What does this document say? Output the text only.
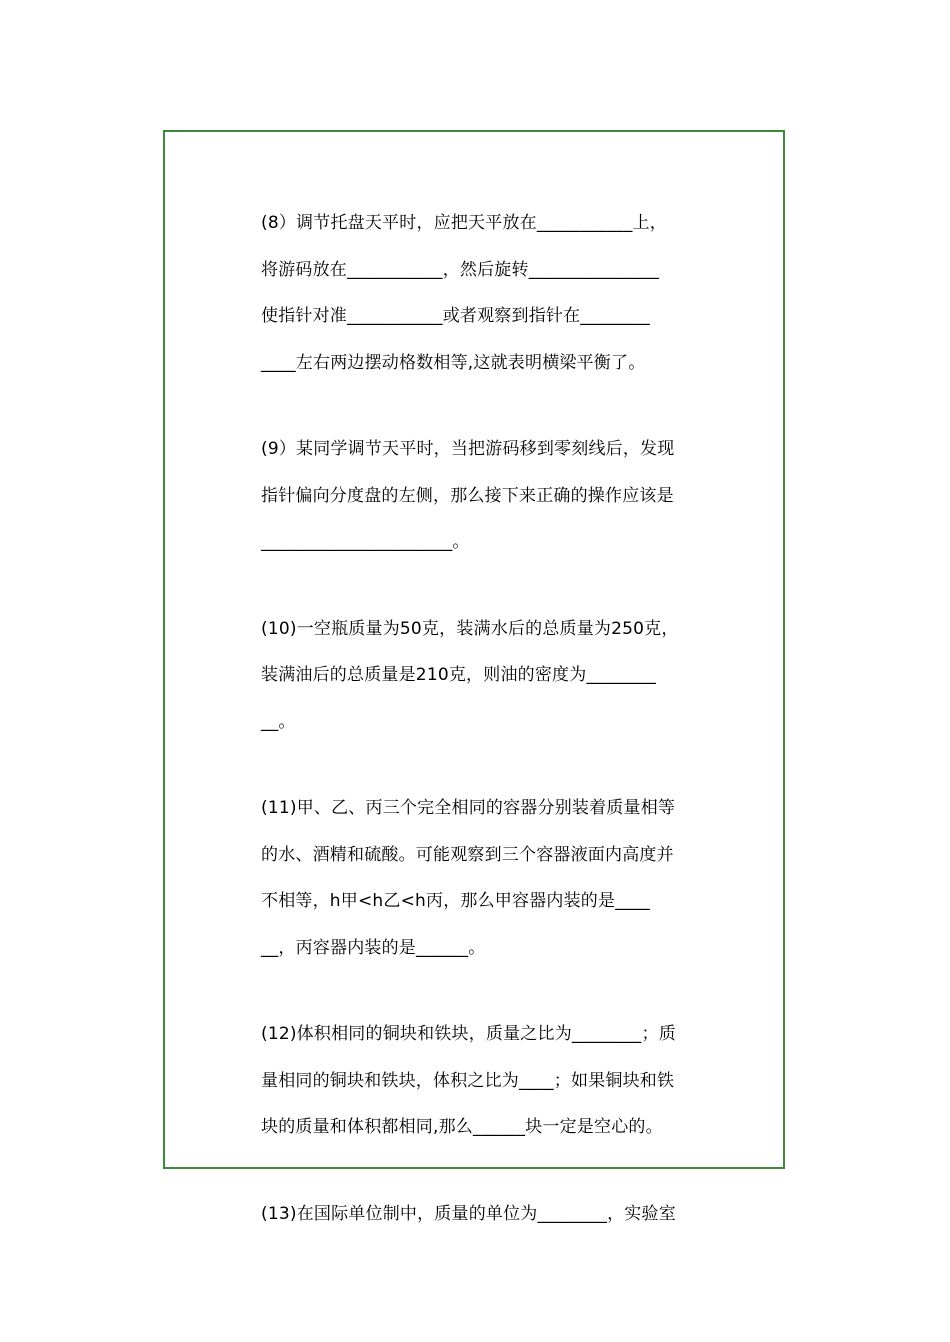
(8）调节托盘天平时，应把天平放在___________上，
将游码放在___________，然后旋转_______________
使指针对准___________或者观察到指针在________
____左右两边摆动格数相等,这就表明横梁平衡了。
(9）某同学调节天平时，当把游码移到零刻线后，发现
指针偏向分度盘的左侧，那么接下来正确的操作应该是
______________________。
(10)一空瓶质量为50克，装满水后的总质量为250克，
装满油后的总质量是210克，则油的密度为________
__。
(11)甲、乙、丙三个完全相同的容器分别装着质量相等
的水、酒精和硫酸。可能观察到三个容器液面内高度并
不相等，h甲<h乙<h丙，那么甲容器内装的是____
__，丙容器内装的是______。
(12)体积相同的铜块和铁块，质量之比为________；质
量相同的铜块和铁块，体积之比为____；如果铜块和铁
块的质量和体积都相同,那么______块一定是空心的。
(13)在国际单位制中，质量的单位为________，实验室
